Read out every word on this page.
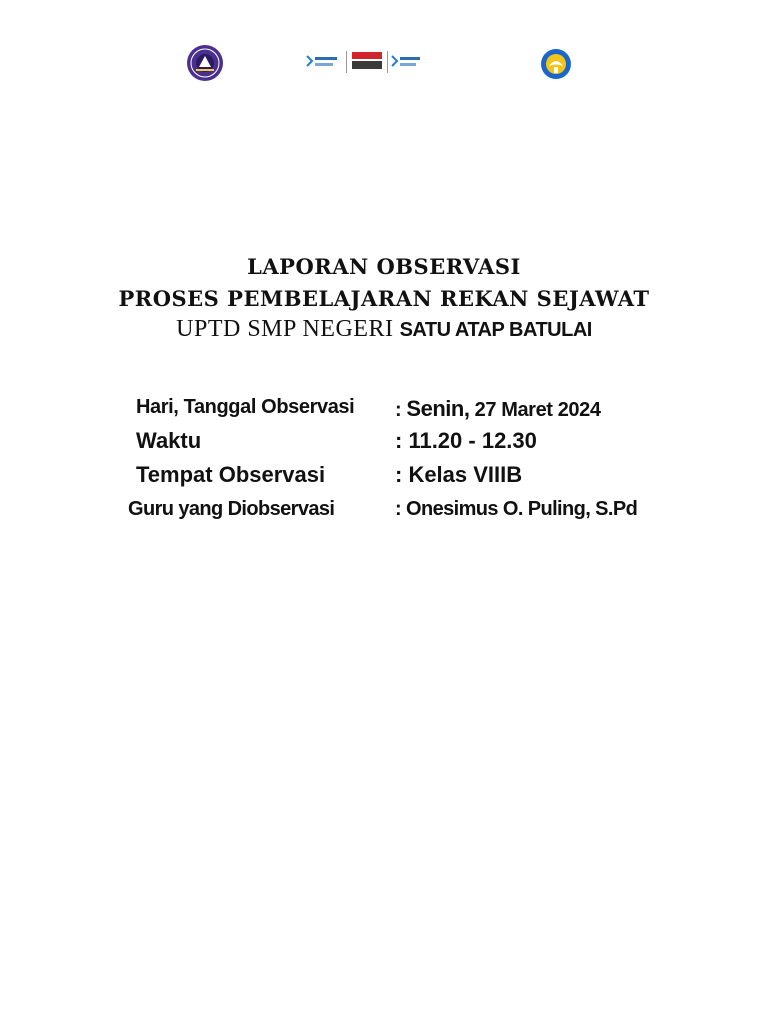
LAPORAN OBSERVASI
PROSES PEMBELAJARAN REKAN SEJAWAT
UPTD SMP NEGERI SATU ATAP BATULAI
Hari, Tanggal Observasi : Senin, 27 Maret 2024
Waktu	: 11.20 - 12.30
Tempat Observasi	: Kelas VIIIB
Guru yang Diobservasi	: Onesimus O. Puling, S.Pd
